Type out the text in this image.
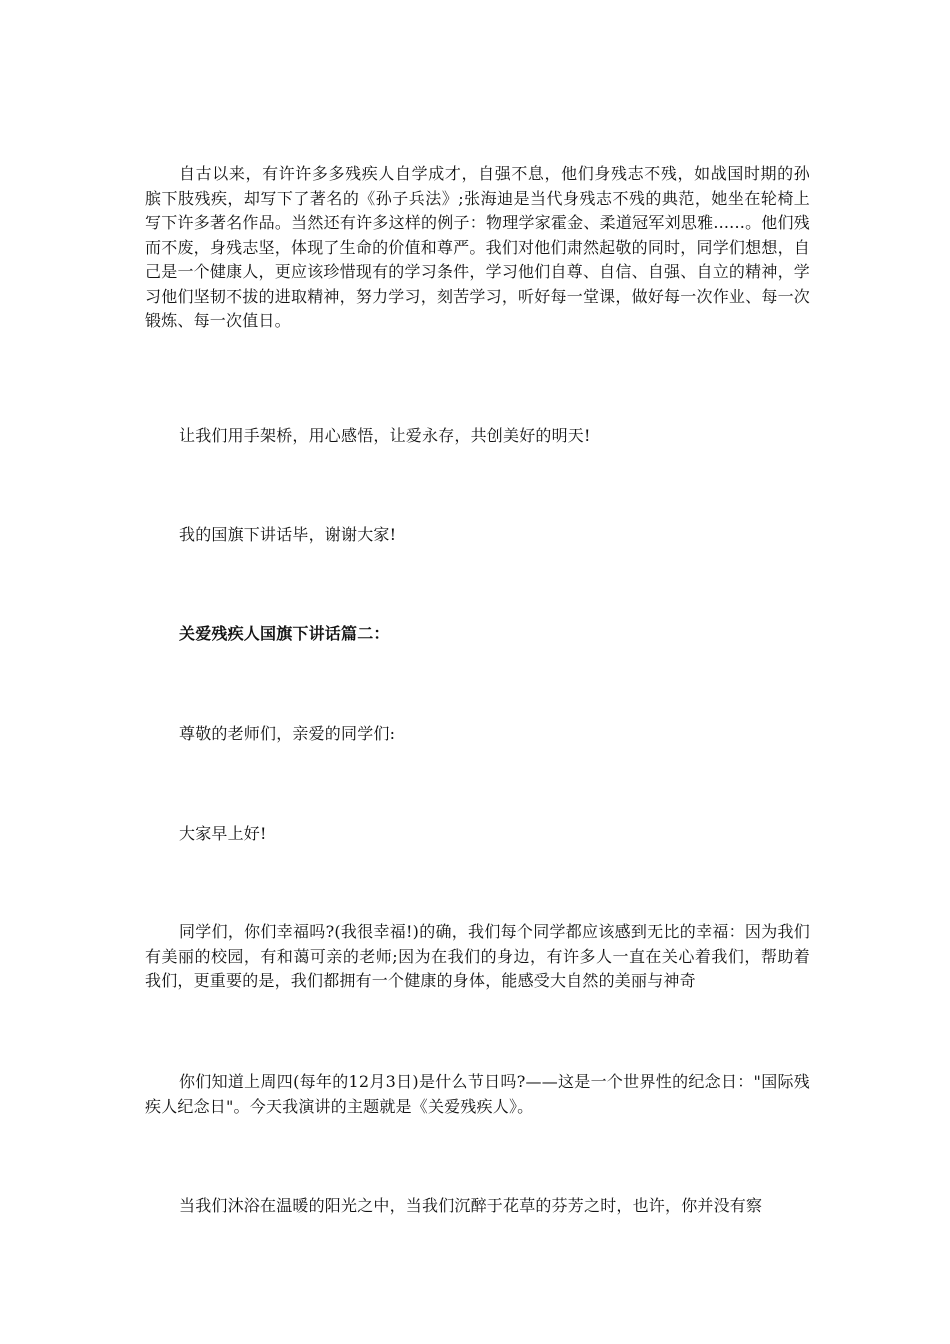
自古以来，有许许多多残疾人自学成才，自强不息，他们身残志不残，如战国时期的孙膑下肢残疾，却写下了著名的《孙子兵法》;张海迪是当代身残志不残的典范，她坐在轮椅上写下许多著名作品。当然还有许多这样的例子：物理学家霍金、柔道冠军刘思雅......。他们残而不废，身残志坚，体现了生命的价值和尊严。我们对他们肃然起敬的同时，同学们想想，自己是一个健康人，更应该珍惜现有的学习条件，学习他们自尊、自信、自强、自立的精神，学习他们坚韧不拔的进取精神，努力学习，刻苦学习，听好每一堂课，做好每一次作业、每一次锻炼、每一次值日。

让我们用手架桥，用心感悟，让爱永存，共创美好的明天!

我的国旗下讲话毕，谢谢大家!

关爱残疾人国旗下讲话篇二：

尊敬的老师们，亲爱的同学们:

大家早上好!

同学们，你们幸福吗?(我很幸福!)的确，我们每个同学都应该感到无比的幸福：因为我们有美丽的校园，有和蔼可亲的老师;因为在我们的身边，有许多人一直在关心着我们，帮助着我们，更重要的是，我们都拥有一个健康的身体，能感受大自然的美丽与神奇

你们知道上周四(每年的12月3日)是什么节日吗?——这是一个世界性的纪念日："国际残疾人纪念日"。今天我演讲的主题就是《关爱残疾人》。

当我们沐浴在温暖的阳光之中，当我们沉醉于花草的芬芳之时，也许，你并没有察
